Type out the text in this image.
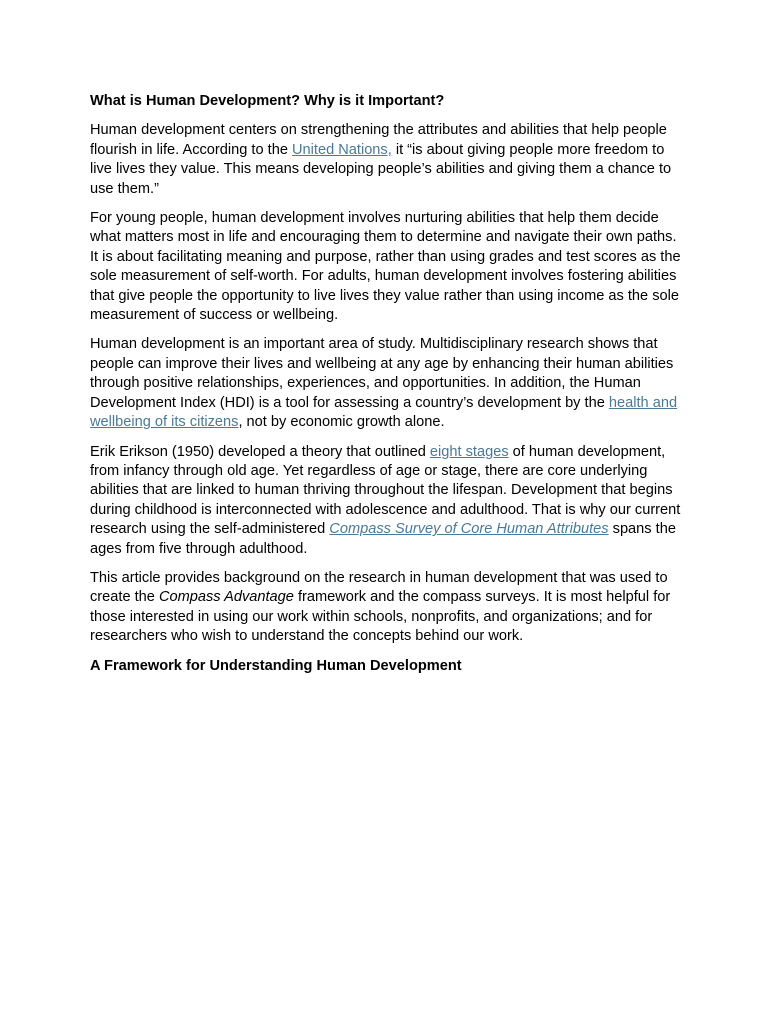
What is Human Development? Why is it Important?

Human development centers on strengthening the attributes and abilities that help people flourish in life. According to the United Nations, it “is about giving people more freedom to live lives they value. This means developing people’s abilities and giving them a chance to use them.”

For young people, human development involves nurturing abilities that help them decide what matters most in life and encouraging them to determine and navigate their own paths. It is about facilitating meaning and purpose, rather than using grades and test scores as the sole measurement of self-worth. For adults, human development involves fostering abilities that give people the opportunity to live lives they value rather than using income as the sole measurement of success or wellbeing.

Human development is an important area of study. Multidisciplinary research shows that people can improve their lives and wellbeing at any age by enhancing their human abilities through positive relationships, experiences, and opportunities. In addition, the Human Development Index (HDI) is a tool for assessing a country’s development by the health and wellbeing of its citizens, not by economic growth alone.

Erik Erikson (1950) developed a theory that outlined eight stages of human development, from infancy through old age. Yet regardless of age or stage, there are core underlying abilities that are linked to human thriving throughout the lifespan. Development that begins during childhood is interconnected with adolescence and adulthood. That is why our current research using the self-administered Compass Survey of Core Human Attributes spans the ages from five through adulthood.

This article provides background on the research in human development that was used to create the Compass Advantage framework and the compass surveys. It is most helpful for those interested in using our work within schools, nonprofits, and organizations; and for researchers who wish to understand the concepts behind our work.

A Framework for Understanding Human Development
